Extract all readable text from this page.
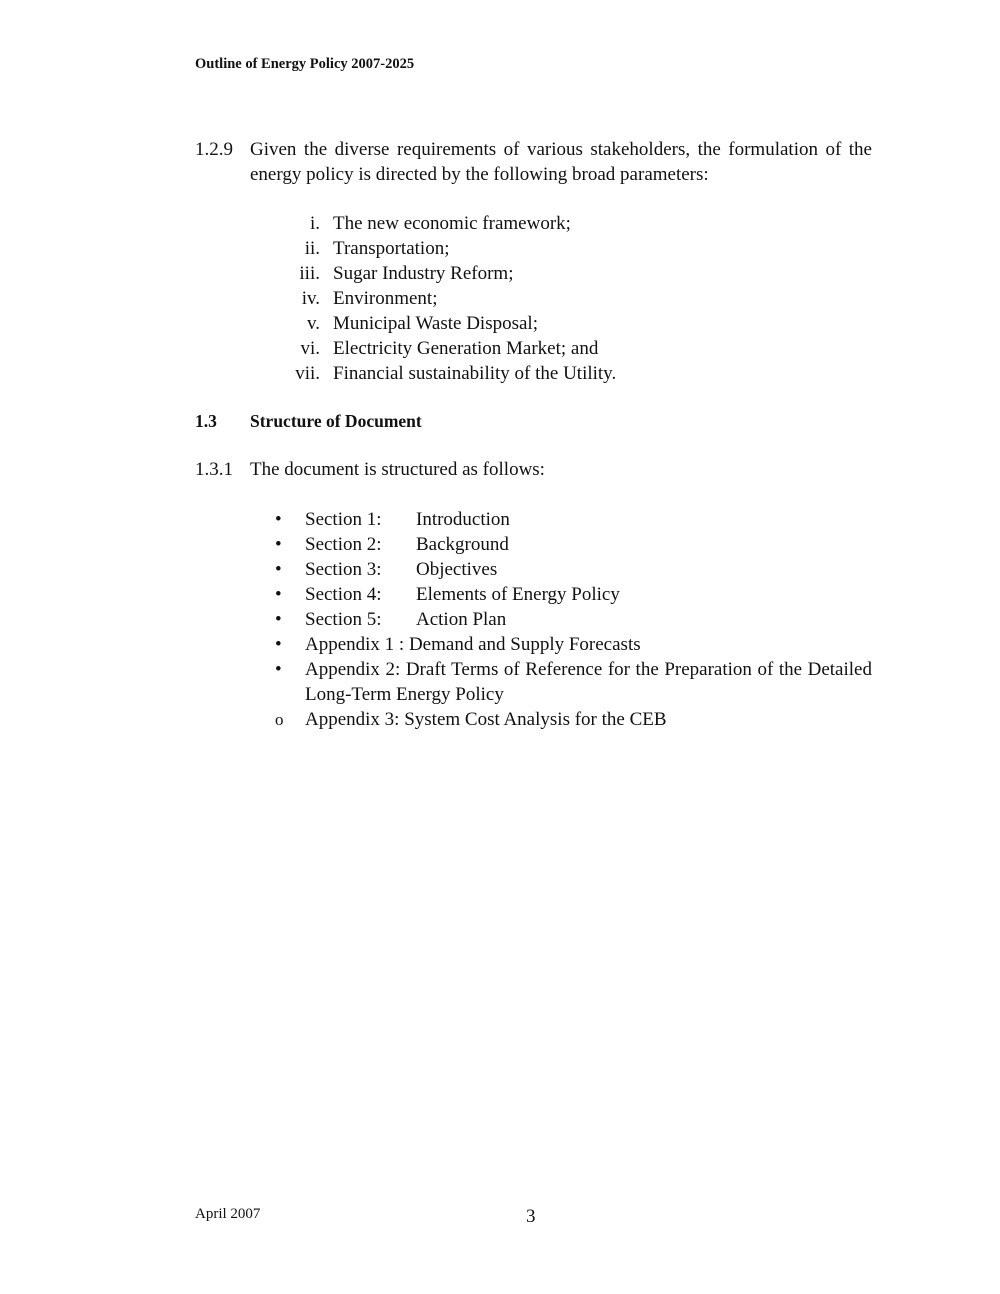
Outline of Energy Policy 2007-2025
1.2.9 Given the diverse requirements of various stakeholders, the formulation of the energy policy is directed by the following broad parameters:
i. The new economic framework;
ii. Transportation;
iii. Sugar Industry Reform;
iv. Environment;
v. Municipal Waste Disposal;
vi. Electricity Generation Market; and
vii. Financial sustainability of the Utility.
1.3 Structure of Document
1.3.1 The document is structured as follows:
•	Section 1: Introduction
•	Section 2: Background
•	Section 3: Objectives
•	Section 4: Elements of Energy Policy
•	Section 5: Action Plan
•	Appendix 1 : Demand and Supply Forecasts
•	Appendix 2: Draft Terms of Reference for the Preparation of the Detailed Long-Term Energy Policy
o	Appendix 3: System Cost Analysis for the CEB
April 2007	3
